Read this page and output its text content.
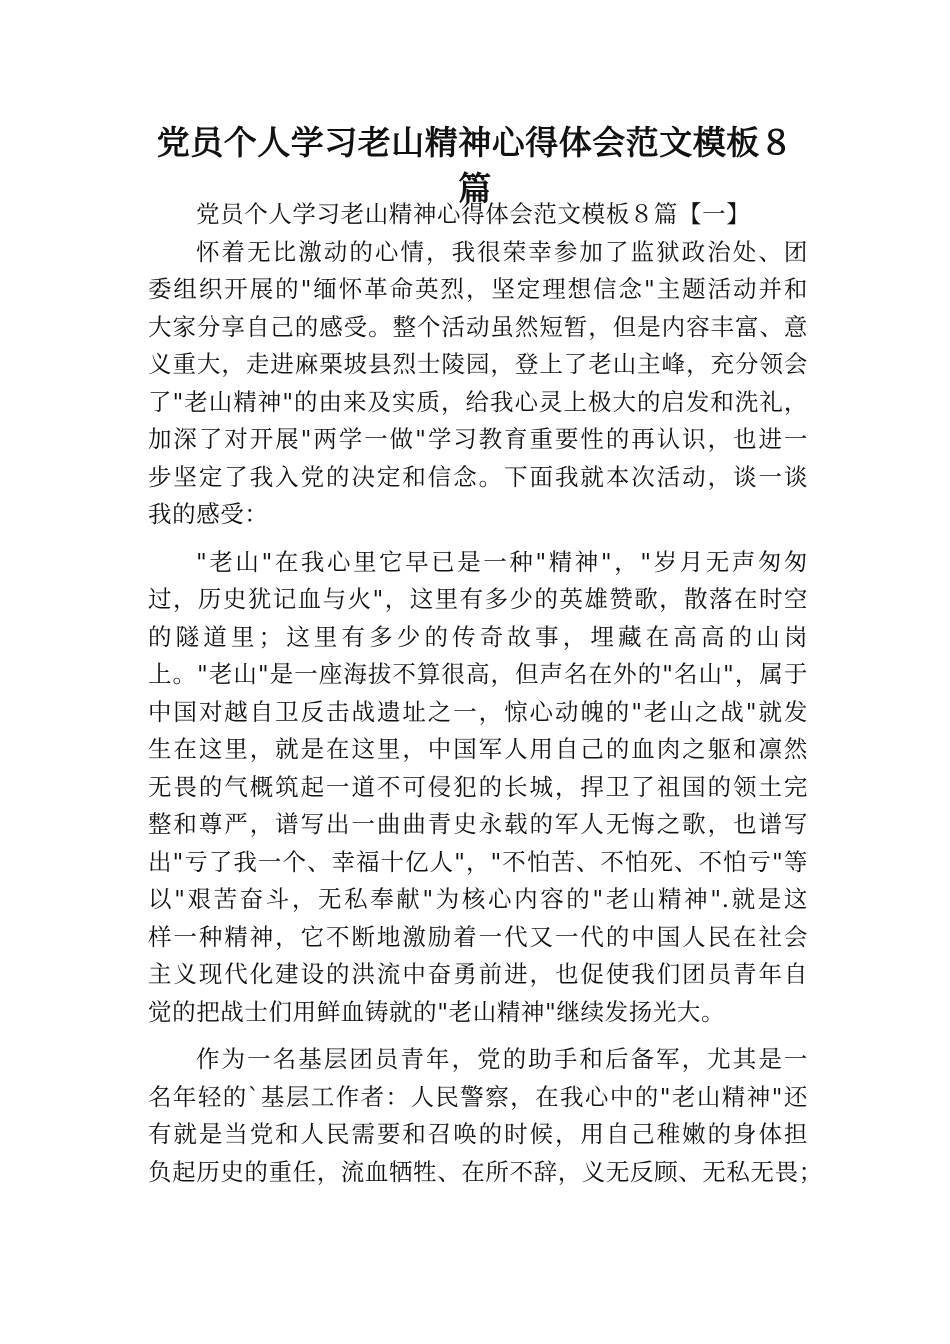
党员个人学习老山精神心得体会范文模板８
篇
党员个人学习老山精神心得体会范文模板８篇【一】
怀着无比激动的心情，我很荣幸参加了监狱政治处、团
委组织开展的"缅怀革命英烈，坚定理想信念"主题活动并和
大家分享自己的感受。整个活动虽然短暂，但是内容丰富、意
义重大，走进麻栗坡县烈士陵园，登上了老山主峰，充分领会
了"老山精神"的由来及实质，给我心灵上极大的启发和洗礼，
加深了对开展"两学一做"学习教育重要性的再认识，也进一
步坚定了我入党的决定和信念。下面我就本次活动，谈一谈
我的感受：
"老山"在我心里它早已是一种"精神"，"岁月无声匆匆
过，历史犹记血与火"，这里有多少的英雄赞歌，散落在时空
的隧道里；这里有多少的传奇故事，埋藏在高高的山岗
上。"老山"是一座海拔不算很高，但声名在外的"名山"，属于
中国对越自卫反击战遗址之一，惊心动魄的"老山之战"就发
生在这里，就是在这里，中国军人用自己的血肉之躯和凛然
无畏的气概筑起一道不可侵犯的长城，捍卫了祖国的领土完
整和尊严，谱写出一曲曲青史永载的军人无悔之歌，也谱写
出"亏了我一个、幸福十亿人"，"不怕苦、不怕死、不怕亏"等
以"艰苦奋斗，无私奉献"为核心内容的"老山精神".就是这
样一种精神，它不断地激励着一代又一代的中国人民在社会
主义现代化建设的洪流中奋勇前进，也促使我们团员青年自
觉的把战士们用鲜血铸就的"老山精神"继续发扬光大。
作为一名基层团员青年，党的助手和后备军，尤其是一
名年轻的`基层工作者：人民警察，在我心中的"老山精神"还
有就是当党和人民需要和召唤的时候，用自己稚嫩的身体担
负起历史的重任，流血牺牲、在所不辞，义无反顾、无私无畏；
